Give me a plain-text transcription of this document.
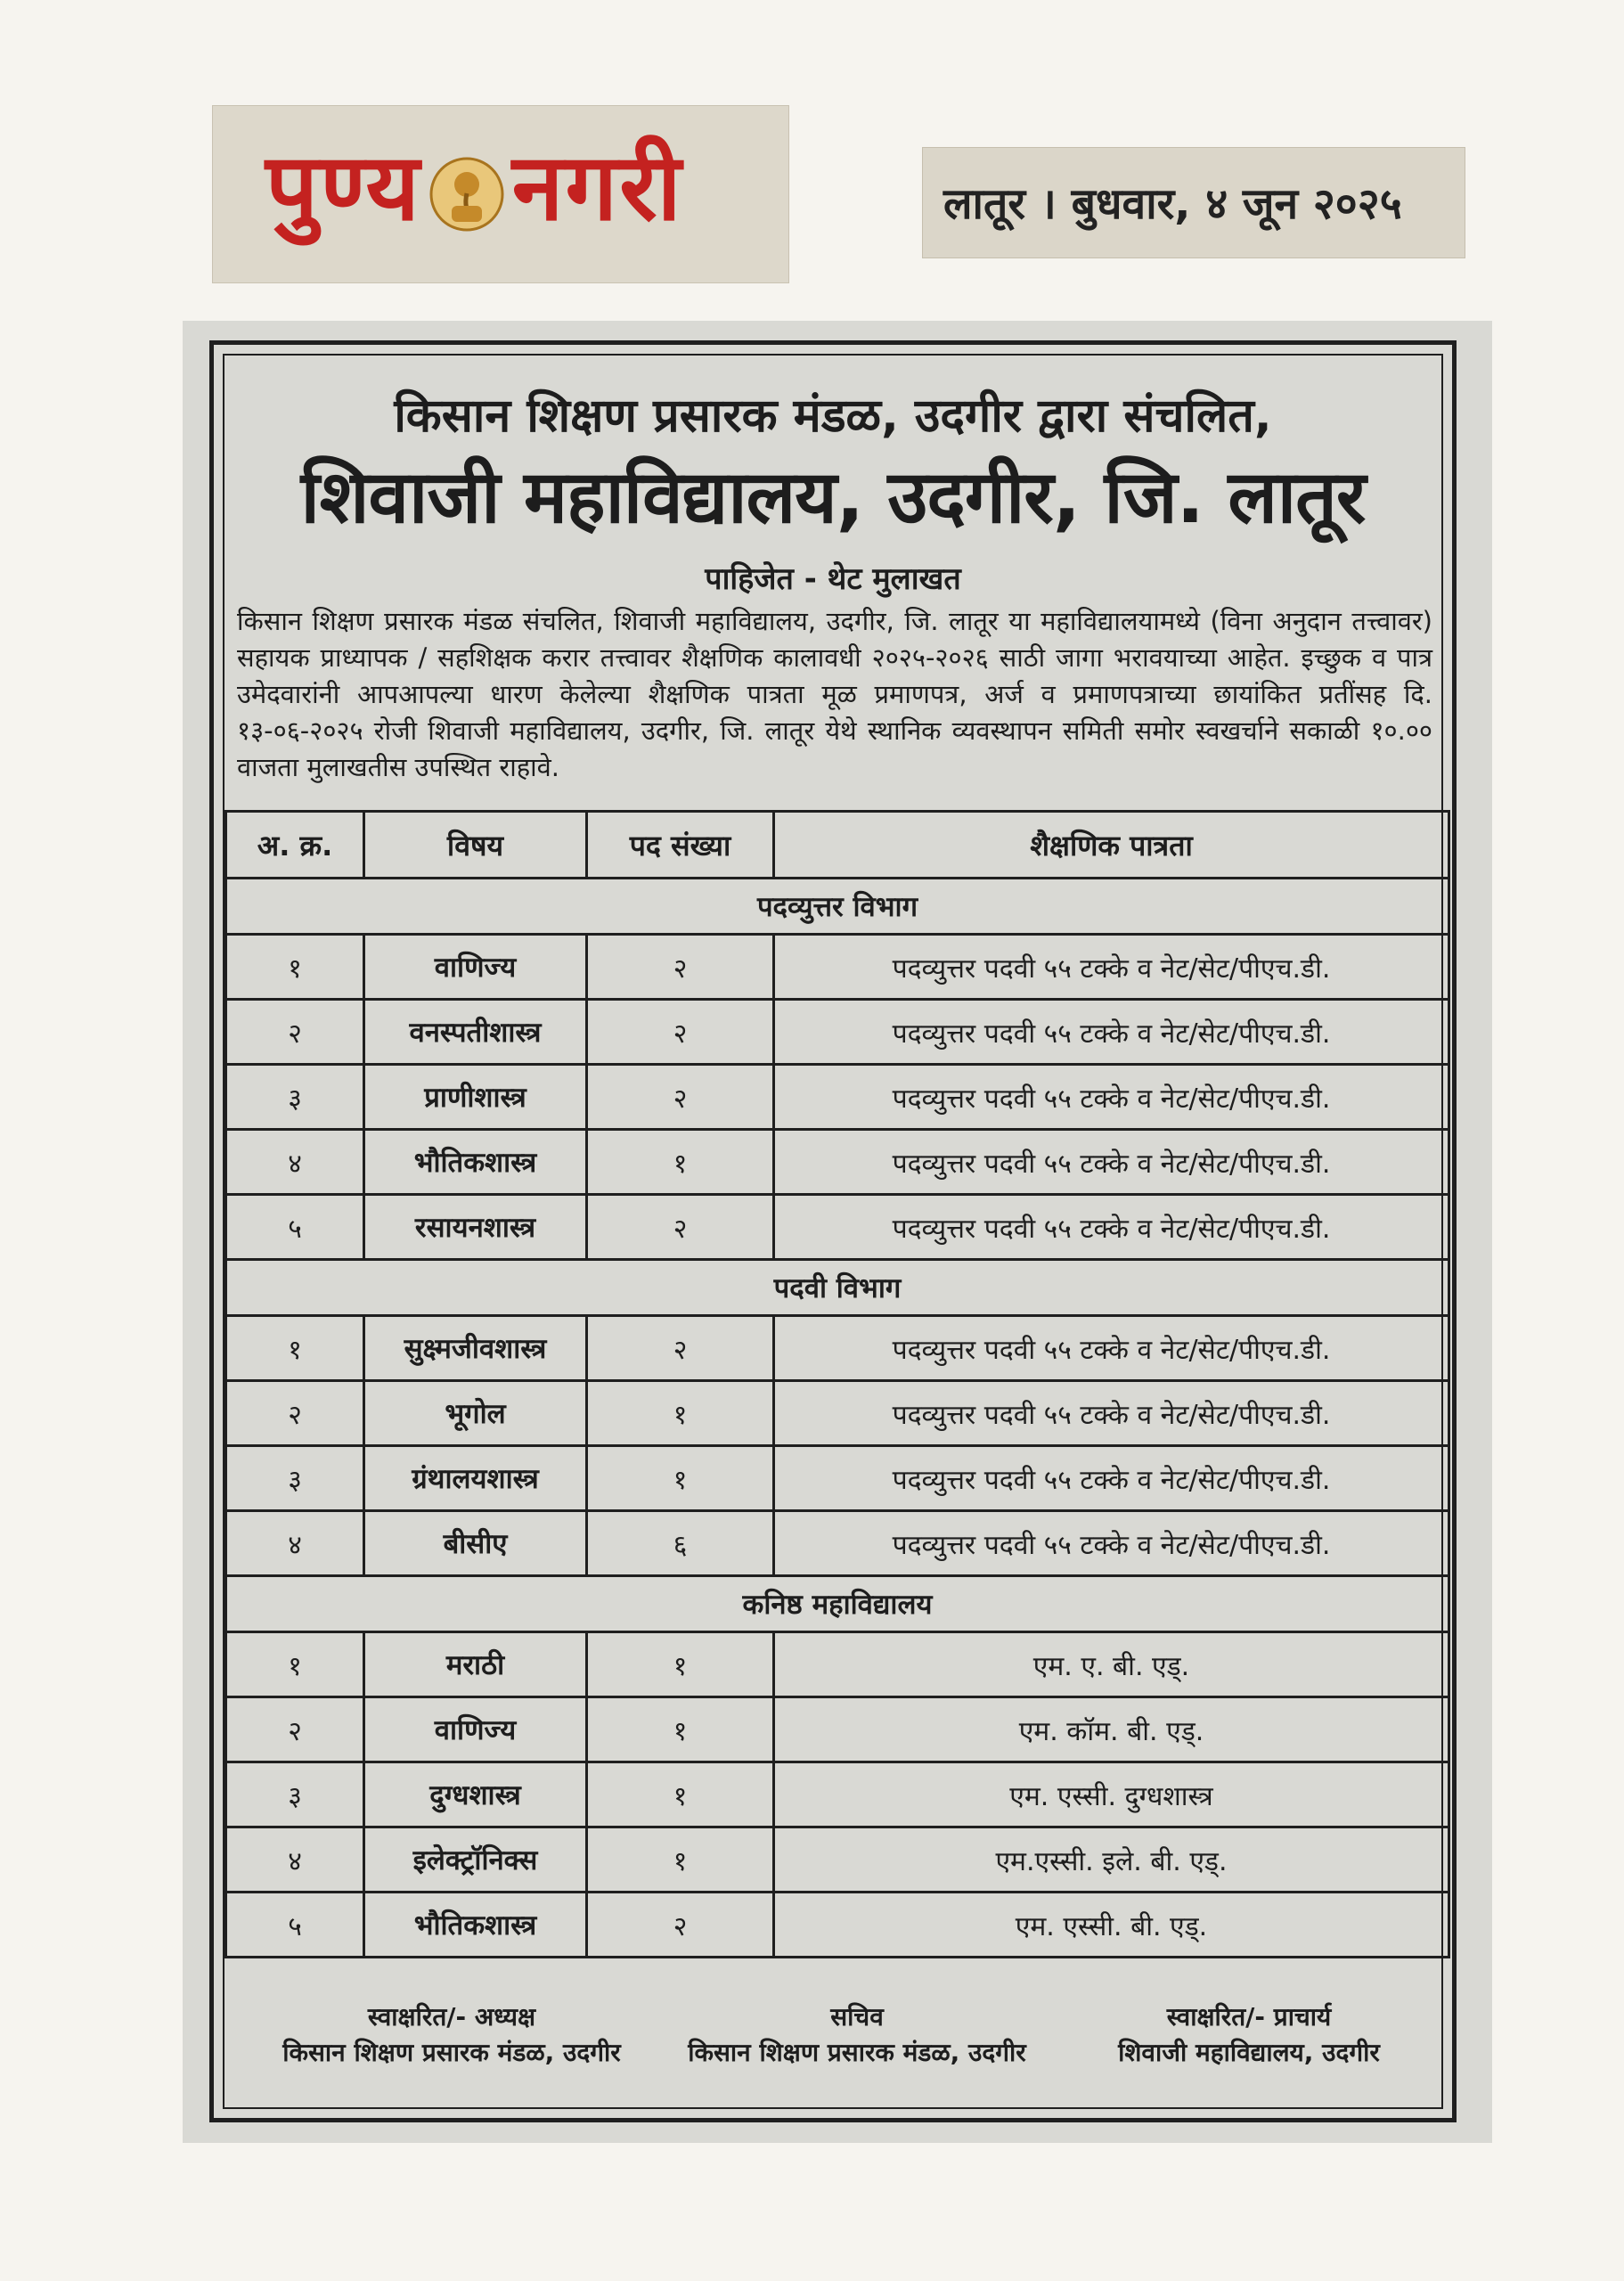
पुण्य नगरी	लातूर । बुधवार, ४ जून २०२५
किसान शिक्षण प्रसारक मंडळ, उदगीर द्वारा संचलित,
शिवाजी महाविद्यालय, उदगीर, जि. लातूर
पाहिजेत - थेट मुलाखत
किसान शिक्षण प्रसारक मंडळ संचलित, शिवाजी महाविद्यालय, उदगीर, जि. लातूर या महाविद्यालयामध्ये (विना अनुदान तत्त्वावर) सहायक प्राध्यापक / सहशिक्षक करार तत्त्वावर शैक्षणिक कालावधी २०२५-२०२६ साठी जागा भरावयाच्या आहेत. इच्छुक व पात्र उमेदवारांनी आपआपल्या धारण केलेल्या शैक्षणिक पात्रता मूळ प्रमाणपत्र, अर्ज व प्रमाणपत्राच्या छायांकित प्रतींसह दि. १३-०६-२०२५ रोजी शिवाजी महाविद्यालय, उदगीर, जि. लातूर येथे स्थानिक व्यवस्थापन समिती समोर स्वखर्चाने सकाळी १०.०० वाजता मुलाखतीस उपस्थित राहावे.
अ. क्र.	विषय	पद संख्या	शैक्षणिक पात्रता
पदव्युत्तर विभाग			
१	वाणिज्य	२	पदव्युत्तर पदवी ५५ टक्के व नेट/सेट/पीएच.डी.
२	वनस्पतीशास्त्र	२	पदव्युत्तर पदवी ५५ टक्के व नेट/सेट/पीएच.डी.
३	प्राणीशास्त्र	२	पदव्युत्तर पदवी ५५ टक्के व नेट/सेट/पीएच.डी.
४	भौतिकशास्त्र	१	पदव्युत्तर पदवी ५५ टक्के व नेट/सेट/पीएच.डी.
५	रसायनशास्त्र	२	पदव्युत्तर पदवी ५५ टक्के व नेट/सेट/पीएच.डी.
पदवी विभाग			
१	सुक्ष्मजीवशास्त्र	२	पदव्युत्तर पदवी ५५ टक्के व नेट/सेट/पीएच.डी.
२	भूगोल	१	पदव्युत्तर पदवी ५५ टक्के व नेट/सेट/पीएच.डी.
३	ग्रंथालयशास्त्र	१	पदव्युत्तर पदवी ५५ टक्के व नेट/सेट/पीएच.डी.
४	बीसीए	६	पदव्युत्तर पदवी ५५ टक्के व नेट/सेट/पीएच.डी.
कनिष्ठ महाविद्यालय			
१	मराठी	१	एम. ए. बी. एड्.
२	वाणिज्य	१	एम. कॉम. बी. एड्.
३	दुग्धशास्त्र	१	एम. एस्सी. दुग्धशास्त्र
४	इलेक्ट्रॉनिक्स	१	एम.एस्सी. इले. बी. एड्.
५	भौतिकशास्त्र	२	एम. एस्सी. बी. एड्.
स्वाक्षरित/- अध्यक्ष
किसान शिक्षण प्रसारक मंडळ, उदगीर
सचिव
किसान शिक्षण प्रसारक मंडळ, उदगीर
स्वाक्षरित/- प्राचार्य
शिवाजी महाविद्यालय, उदगीर
